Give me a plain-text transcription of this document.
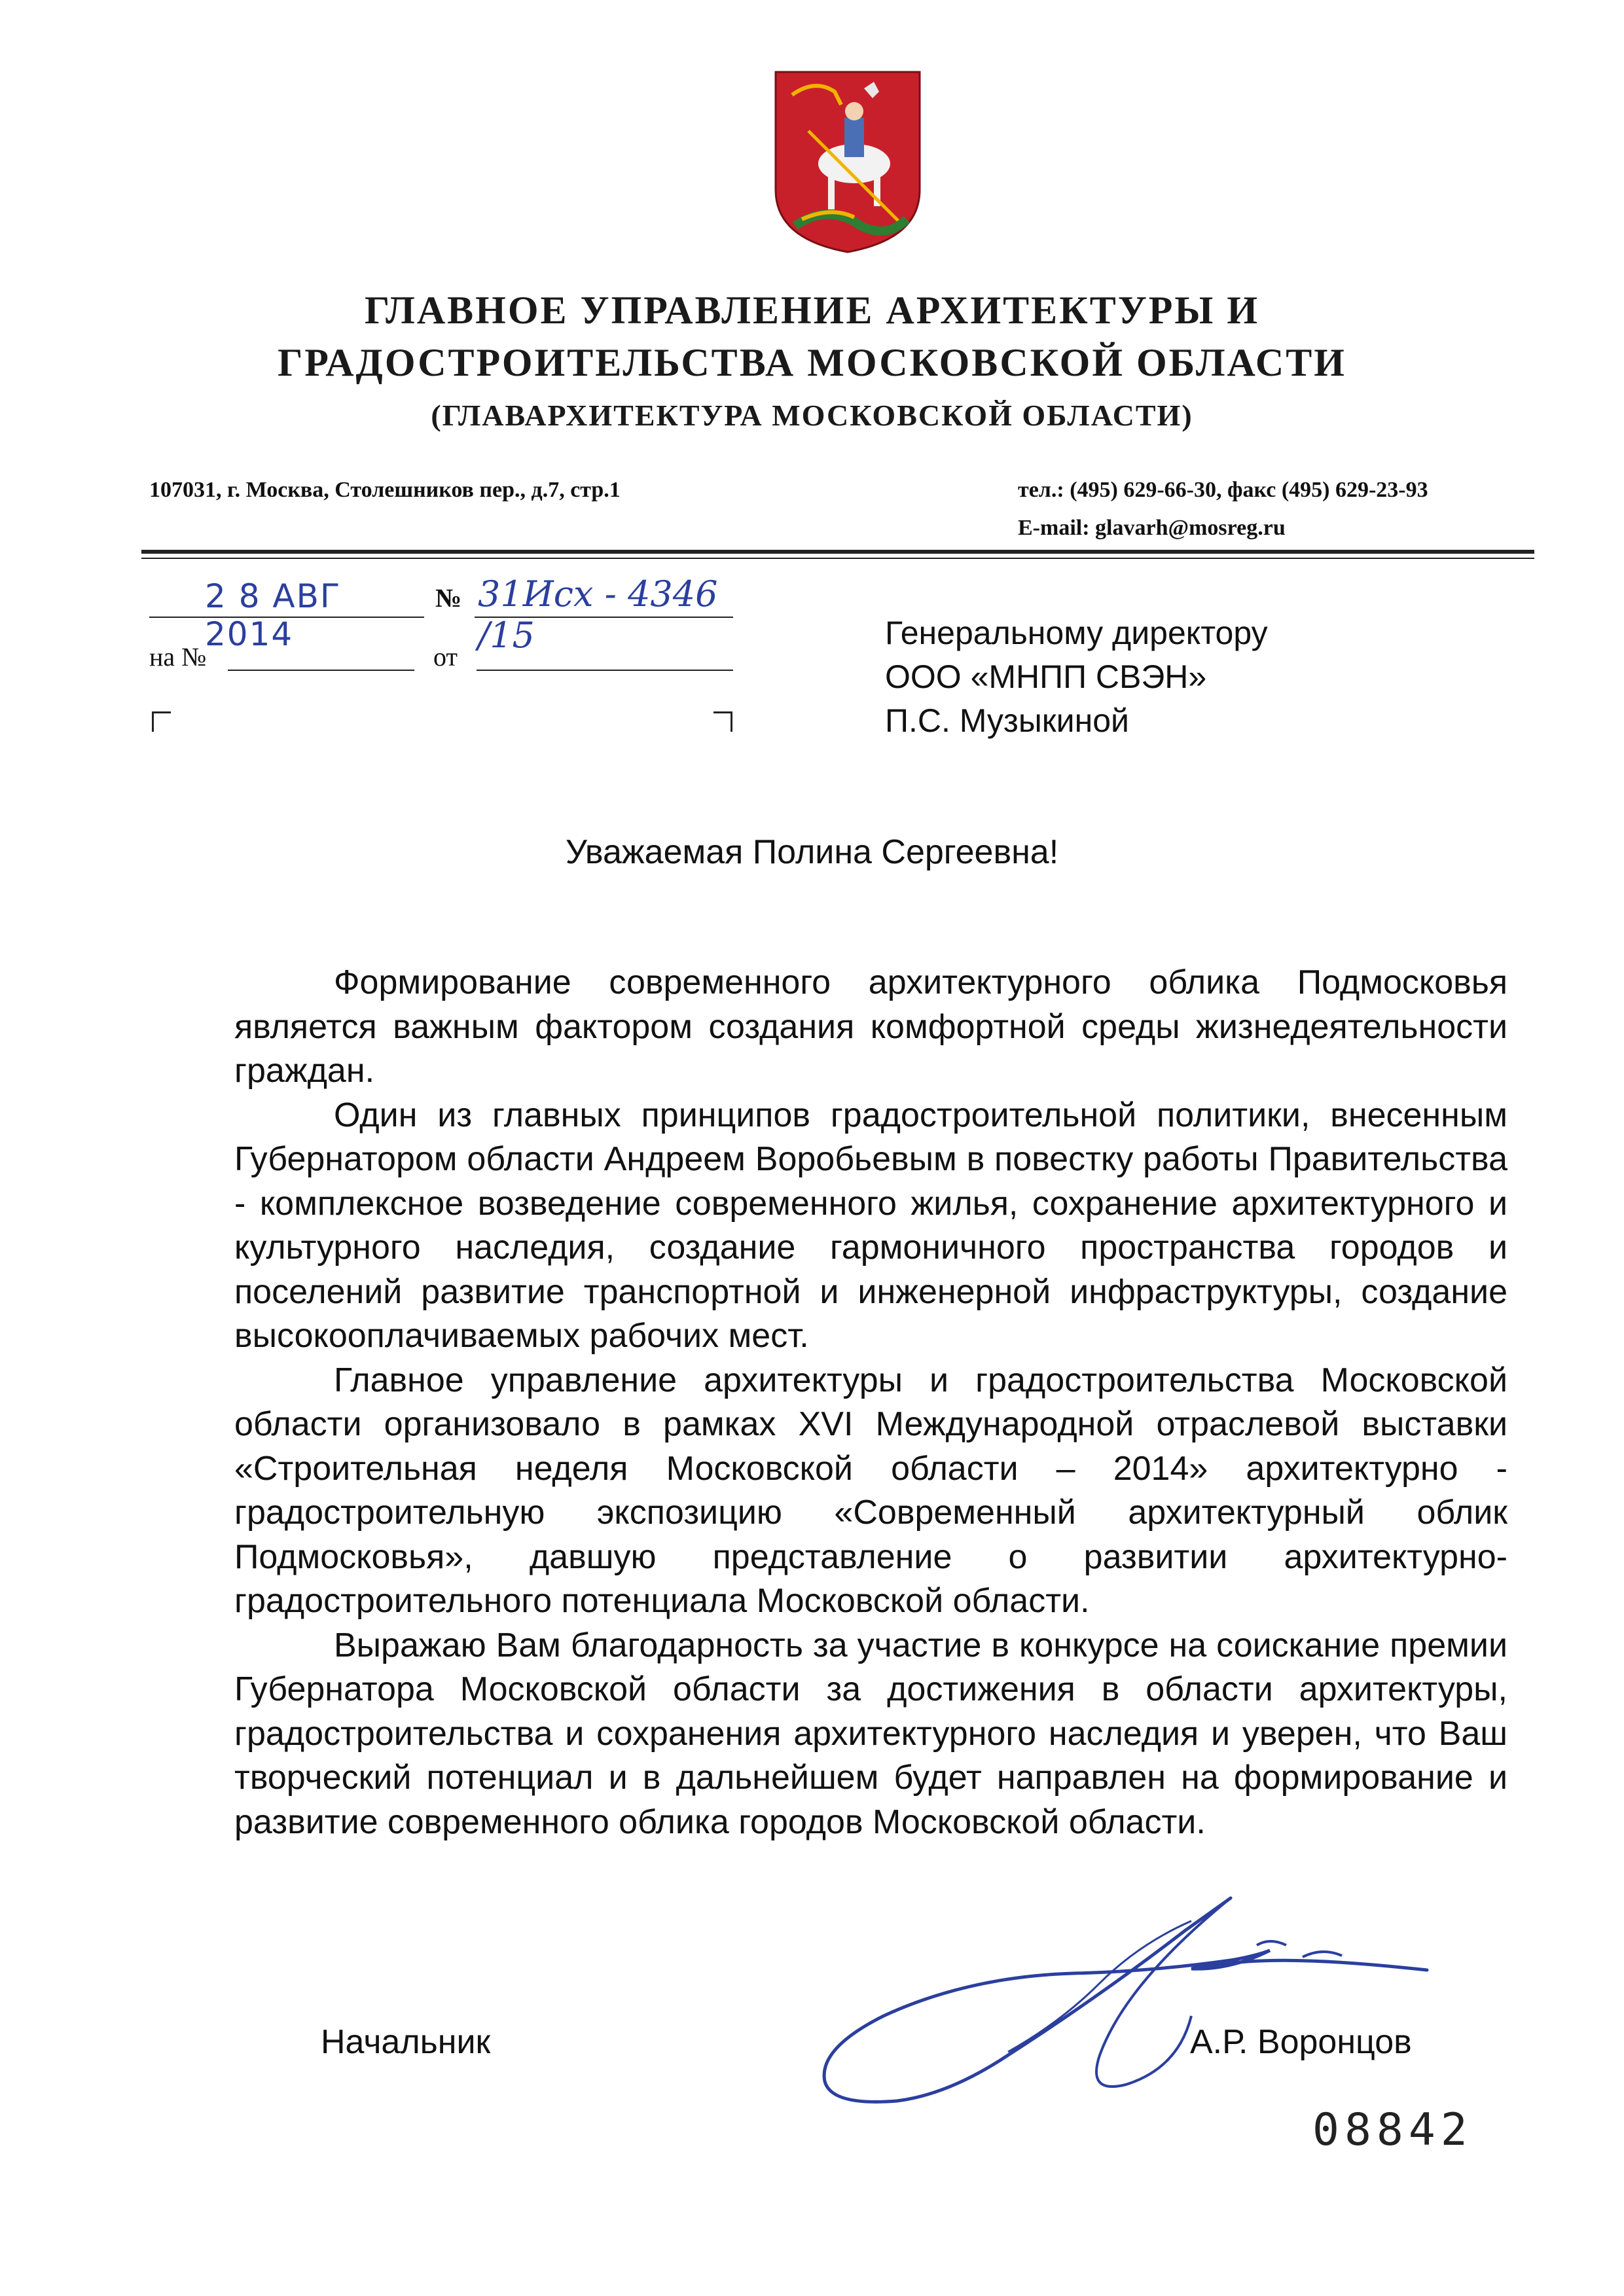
ГЛАВНОЕ УПРАВЛЕНИЕ АРХИТЕКТУРЫ И
ГРАДОСТРОИТЕЛЬСТВА МОСКОВСКОЙ ОБЛАСТИ
(ГЛАВАРХИТЕКТУРА МОСКОВСКОЙ ОБЛАСТИ)
107031, г. Москва, Столешников пер., д.7, стр.1	тел.: (495) 629-66-30, факс (495) 629-23-93
E-mail: glavarh@mosreg.ru
2 8 АВГ 2014
№ 31Исх - 4346 /15
на №	от
Генеральному директору
ООО «МНПП СВЭН»
П.С. Музыкиной
Уважаемая Полина Сергеевна!

Формирование современного архитектурного облика Подмосковья является важным фактором создания комфортной среды жизнедеятельности граждан.

Один из главных принципов градостроительной политики, внесенным Губернатором области Андреем Воробьевым в повестку работы Правительства - комплексное возведение современного жилья, сохранение архитектурного и культурного наследия, создание гармоничного пространства городов и поселений развитие транспортной и инженерной инфраструктуры, создание высокооплачиваемых рабочих мест.

Главное управление архитектуры и градостроительства Московской области организовало в рамках XVI Международной отраслевой выставки «Строительная неделя Московской области – 2014» архитектурно - градостроительную экспозицию «Современный архитектурный облик Подмосковья», давшую представление о развитии архитектурно-градостроительного потенциала Московской области.

Выражаю Вам благодарность за участие в конкурсе на соискание премии Губернатора Московской области за достижения в области архитектуры, градостроительства и сохранения архитектурного наследия и уверен, что Ваш творческий потенциал и в дальнейшем будет направлен на формирование и развитие современного облика городов Московской области.

Начальник	А.Р. Воронцов
08842
